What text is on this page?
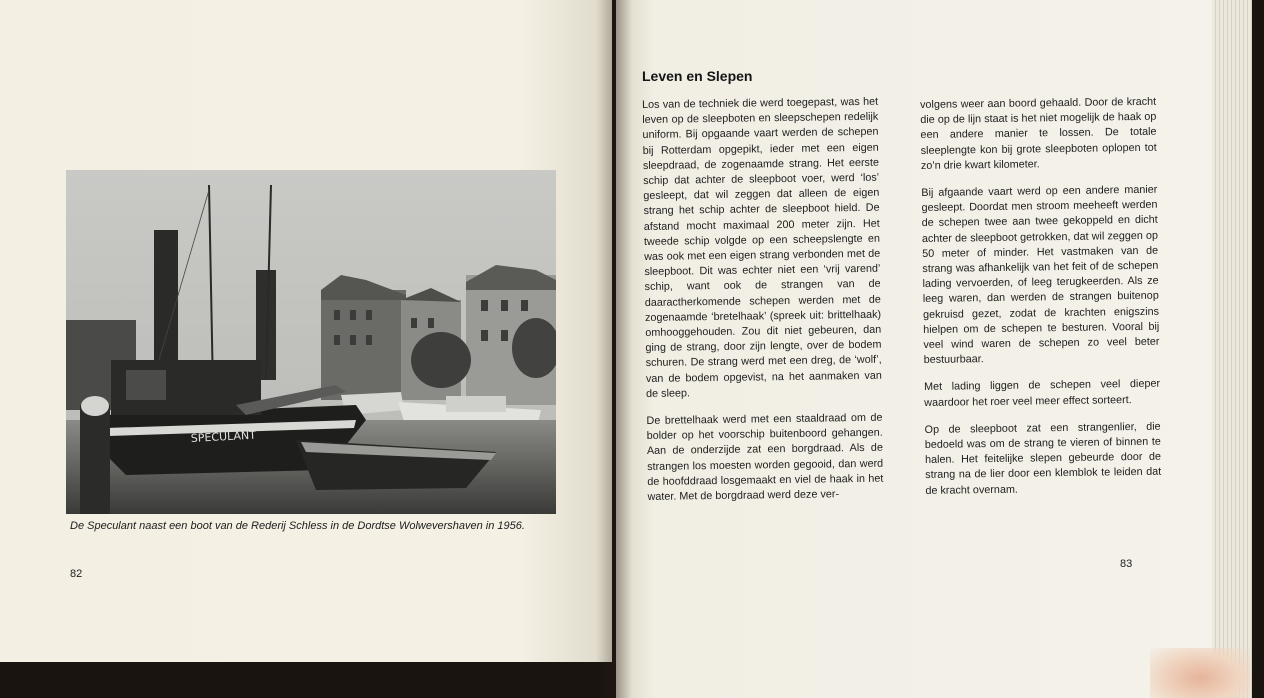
SPECULANT

De Speculant naast een boot van de Rederij Schless in de Dordtse Wolwevershaven in 1956.

82

Leven en Slepen

Los van de techniek die werd toegepast, was het leven op de sleepboten en sleepschepen redelijk uniform. Bij opgaande vaart werden de schepen bij Rotterdam opgepikt, ieder met een eigen sleepdraad, de zogenaamde strang. Het eerste schip dat achter de sleepboot voer, werd ‘los’ gesleept, dat wil zeggen dat alleen de eigen strang het schip achter de sleepboot hield. De afstand mocht maximaal 200 meter zijn. Het tweede schip volgde op een scheepslengte en was ook met een eigen strang verbonden met de sleepboot. Dit was echter niet een ‘vrij varend’ schip, want ook de strangen van de daaractherkomende schepen werden met de zogenaamde ‘bretelhaak’ (spreek uit: brittelhaak) omhooggehouden. Zou dit niet gebeuren, dan ging de strang, door zijn lengte, over de bodem schuren. De strang werd met een dreg, de ‘wolf’, van de bodem opgevist, na het aanmaken van de sleep.

De brettelhaak werd met een staaldraad om de bolder op het voorschip buitenboord gehangen. Aan de onderzijde zat een borgdraad. Als de strangen los moesten worden gegooid, dan werd de hoofddraad losgemaakt en viel de haak in het water. Met de borgdraad werd deze ver-

volgens weer aan boord gehaald. Door de kracht die op de lijn staat is het niet mogelijk de haak op een andere manier te lossen. De totale sleeplengte kon bij grote sleepboten oplopen tot zo’n drie kwart kilometer.

Bij afgaande vaart werd op een andere manier gesleept. Doordat men stroom meeheeft werden de schepen twee aan twee gekoppeld en dicht achter de sleepboot getrokken, dat wil zeggen op 50 meter of minder. Het vastmaken van de strang was afhankelijk van het feit of de schepen lading vervoerden, of leeg terugkeerden. Als ze leeg waren, dan werden de strangen buitenop gekruisd gezet, zodat de krachten enigszins hielpen om de schepen te besturen. Vooral bij veel wind waren de schepen zo veel beter bestuurbaar.

Met lading liggen de schepen veel dieper waardoor het roer veel meer effect sorteert.

Op de sleepboot zat een strangenlier, die bedoeld was om de strang te vieren of binnen te halen. Het feitelijke slepen gebeurde door de strang na de lier door een klemblok te leiden dat de kracht overnam.

83
